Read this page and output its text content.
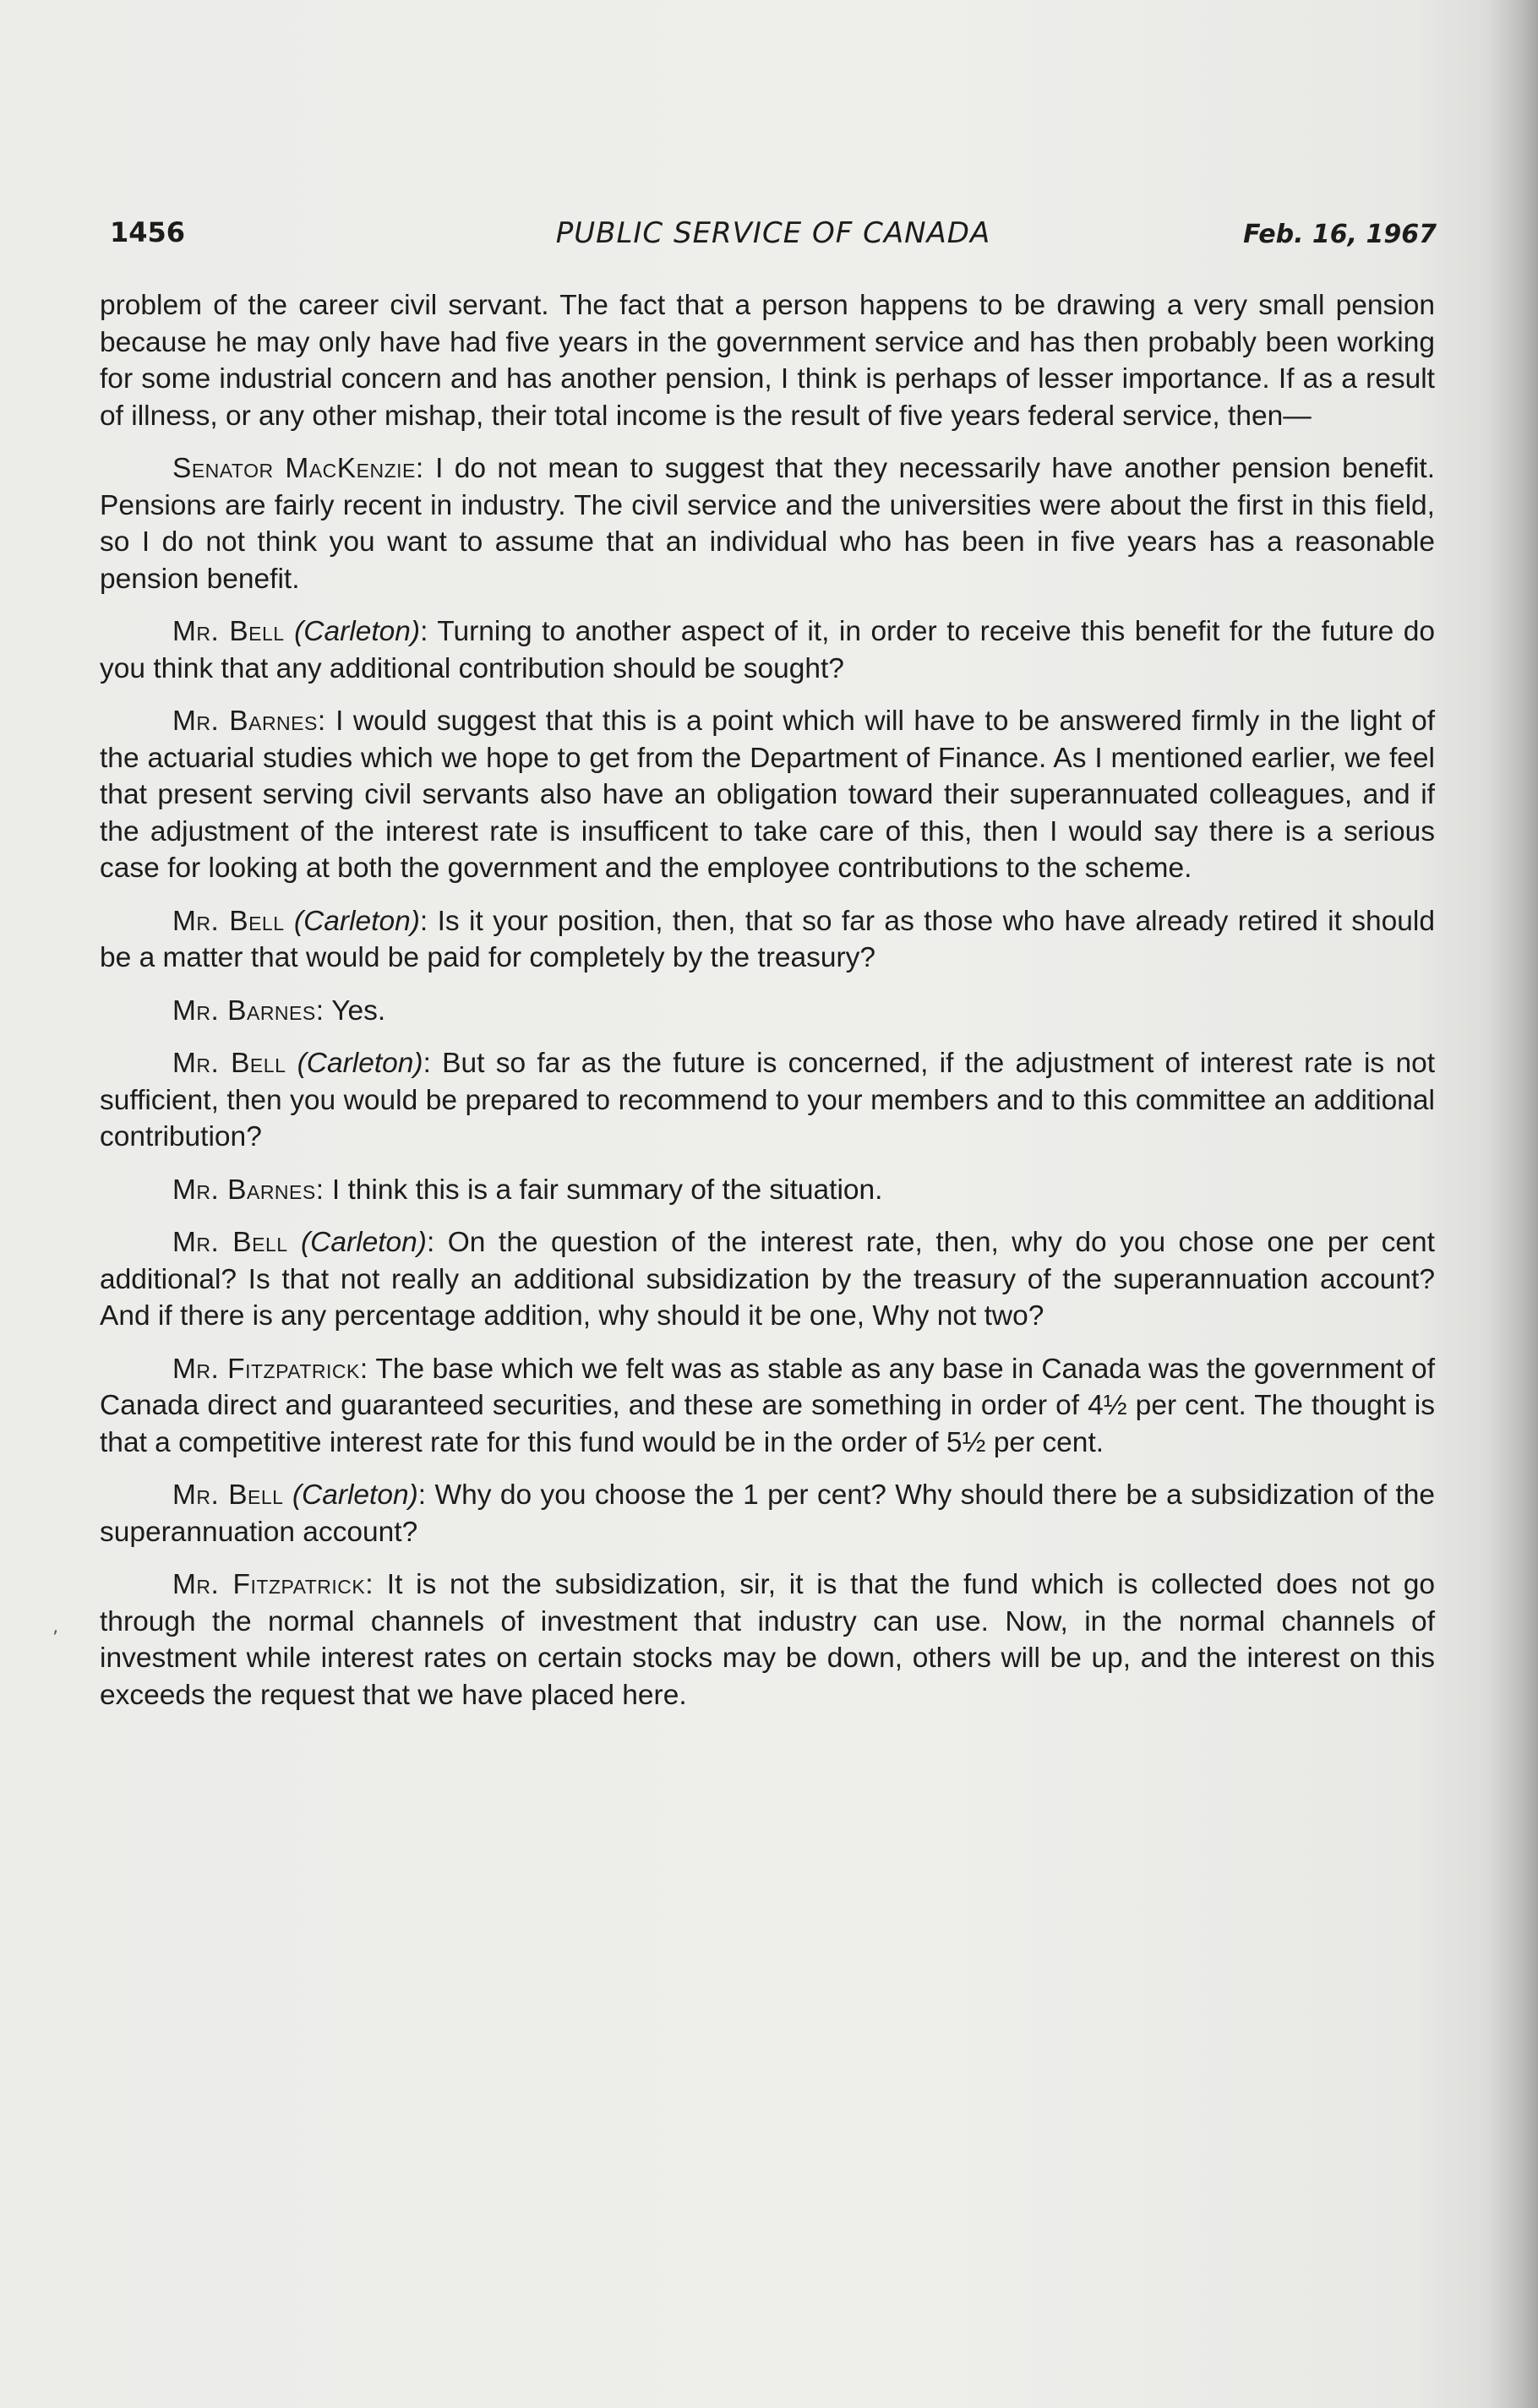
1456	PUBLIC SERVICE OF CANADA	Feb. 16, 1967
’

problem of the career civil servant. The fact that a person happens to be drawing a very small pension because he may only have had five years in the government service and has then probably been working for some industrial concern and has another pension, I think is perhaps of lesser importance. If as a result of illness, or any other mishap, their total income is the result of five years federal service, then—

Senator MacKenzie: I do not mean to suggest that they necessarily have another pension benefit. Pensions are fairly recent in industry. The civil service and the universities were about the first in this field, so I do not think you want to assume that an individual who has been in five years has a reasonable pension benefit.

Mr. Bell (Carleton): Turning to another aspect of it, in order to receive this benefit for the future do you think that any additional contribution should be sought?

Mr. Barnes: I would suggest that this is a point which will have to be answered firmly in the light of the actuarial studies which we hope to get from the Department of Finance. As I mentioned earlier, we feel that present serving civil servants also have an obligation toward their superannuated colleagues, and if the adjustment of the interest rate is insufficent to take care of this, then I would say there is a serious case for looking at both the government and the employee contributions to the scheme.

Mr. Bell (Carleton): Is it your position, then, that so far as those who have already retired it should be a matter that would be paid for completely by the treasury?

Mr. Barnes: Yes.

Mr. Bell (Carleton): But so far as the future is concerned, if the adjustment of interest rate is not sufficient, then you would be prepared to recommend to your members and to this committee an additional contribution?

Mr. Barnes: I think this is a fair summary of the situation.

Mr. Bell (Carleton): On the question of the interest rate, then, why do you chose one per cent additional? Is that not really an additional subsidization by the treasury of the superannuation account? And if there is any percentage addition, why should it be one, Why not two?

Mr. Fitzpatrick: The base which we felt was as stable as any base in Canada was the government of Canada direct and guaranteed securities, and these are something in order of 4½ per cent. The thought is that a competitive interest rate for this fund would be in the order of 5½ per cent.

Mr. Bell (Carleton): Why do you choose the 1 per cent? Why should there be a subsidization of the superannuation account?

Mr. Fitzpatrick: It is not the subsidization, sir, it is that the fund which is collected does not go through the normal channels of investment that industry can use. Now, in the normal channels of investment while interest rates on certain stocks may be down, others will be up, and the interest on this exceeds the request that we have placed here.
